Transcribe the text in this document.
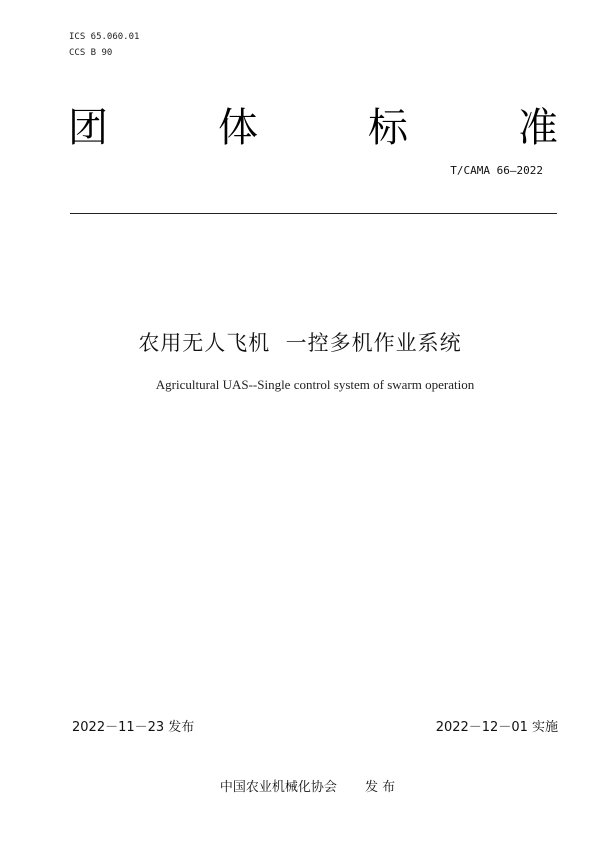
ICS 65.060.01
CCS B 90
团	体	标	准
T/CAMA 66—2022
农用无人飞机  一控多机作业系统
Agricultural UAS--Single control system of swarm operation
2022－11－23 发布	2022－12－01 实施
中国农业机械化协会 发 布
